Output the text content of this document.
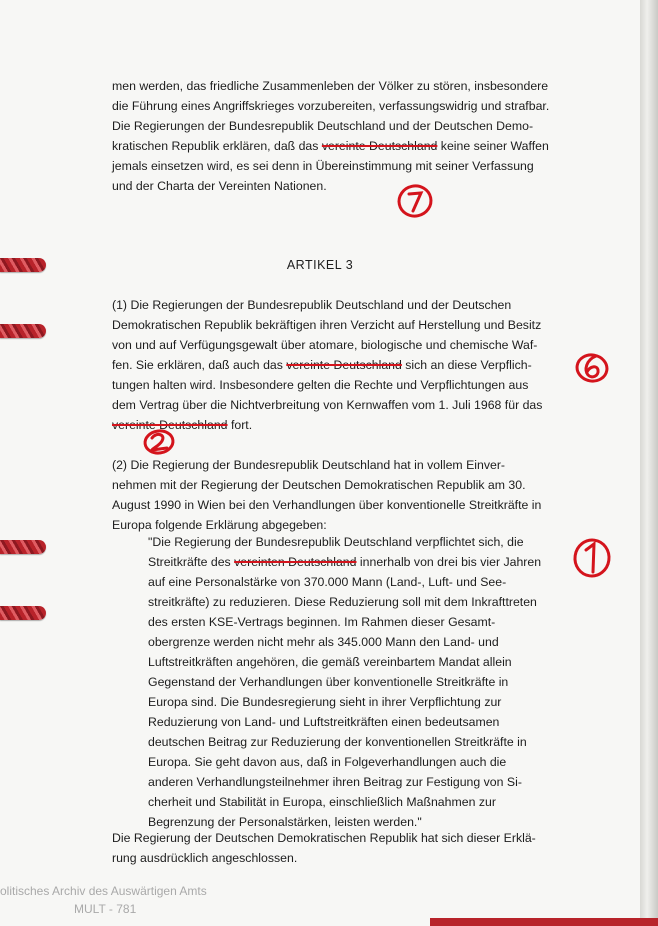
men werden, das friedliche Zusammenleben der Völker zu stören, insbesondere
die Führung eines Angriffskrieges vorzubereiten, verfassungswidrig und strafbar.
Die Regierungen der Bundesrepublik Deutschland und der Deutschen Demo-
kratischen Republik erklären, daß das vereinte Deutschland keine seiner Waffen
jemals einsetzen wird, es sei denn in Übereinstimmung mit seiner Verfassung
und der Charta der Vereinten Nationen.
ARTIKEL 3
(1) Die Regierungen der Bundesrepublik Deutschland und der Deutschen
Demokratischen Republik bekräftigen ihren Verzicht auf Herstellung und Besitz
von und auf Verfügungsgewalt über atomare, biologische und chemische Waf-
fen. Sie erklären, daß auch das vereinte Deutschland sich an diese Verpflich-
tungen halten wird. Insbesondere gelten die Rechte und Verpflichtungen aus
dem Vertrag über die Nichtverbreitung von Kernwaffen vom 1. Juli 1968 für das
vereinte Deutschland fort.
(2) Die Regierung der Bundesrepublik Deutschland hat in vollem Einver-
nehmen mit der Regierung der Deutschen Demokratischen Republik am 30.
August 1990 in Wien bei den Verhandlungen über konventionelle Streitkräfte in
Europa folgende Erklärung abgegeben:
"Die Regierung der Bundesrepublik Deutschland verpflichtet sich, die
Streitkräfte des vereinten Deutschland innerhalb von drei bis vier Jahren
auf eine Personalstärke von 370.000 Mann (Land-, Luft- und See-
streitkräfte) zu reduzieren. Diese Reduzierung soll mit dem Inkrafttreten
des ersten KSE-Vertrags beginnen. Im Rahmen dieser Gesamt-
obergrenze werden nicht mehr als 345.000 Mann den Land- und
Luftstreitkräften angehören, die gemäß vereinbartem Mandat allein
Gegenstand der Verhandlungen über konventionelle Streitkräfte in
Europa sind. Die Bundesregierung sieht in ihrer Verpflichtung zur
Reduzierung von Land- und Luftstreitkräften einen bedeutsamen
deutschen Beitrag zur Reduzierung der konventionellen Streitkräfte in
Europa. Sie geht davon aus, daß in Folgeverhandlungen auch die
anderen Verhandlungsteilnehmer ihren Beitrag zur Festigung von Si-
cherheit und Stabilität in Europa, einschließlich Maßnahmen zur
Begrenzung der Personalstärken, leisten werden."
Die Regierung der Deutschen Demokratischen Republik hat sich dieser Erklä-
rung ausdrücklich angeschlossen.
olitisches Archiv des Auswärtigen Amts
MULT - 781
